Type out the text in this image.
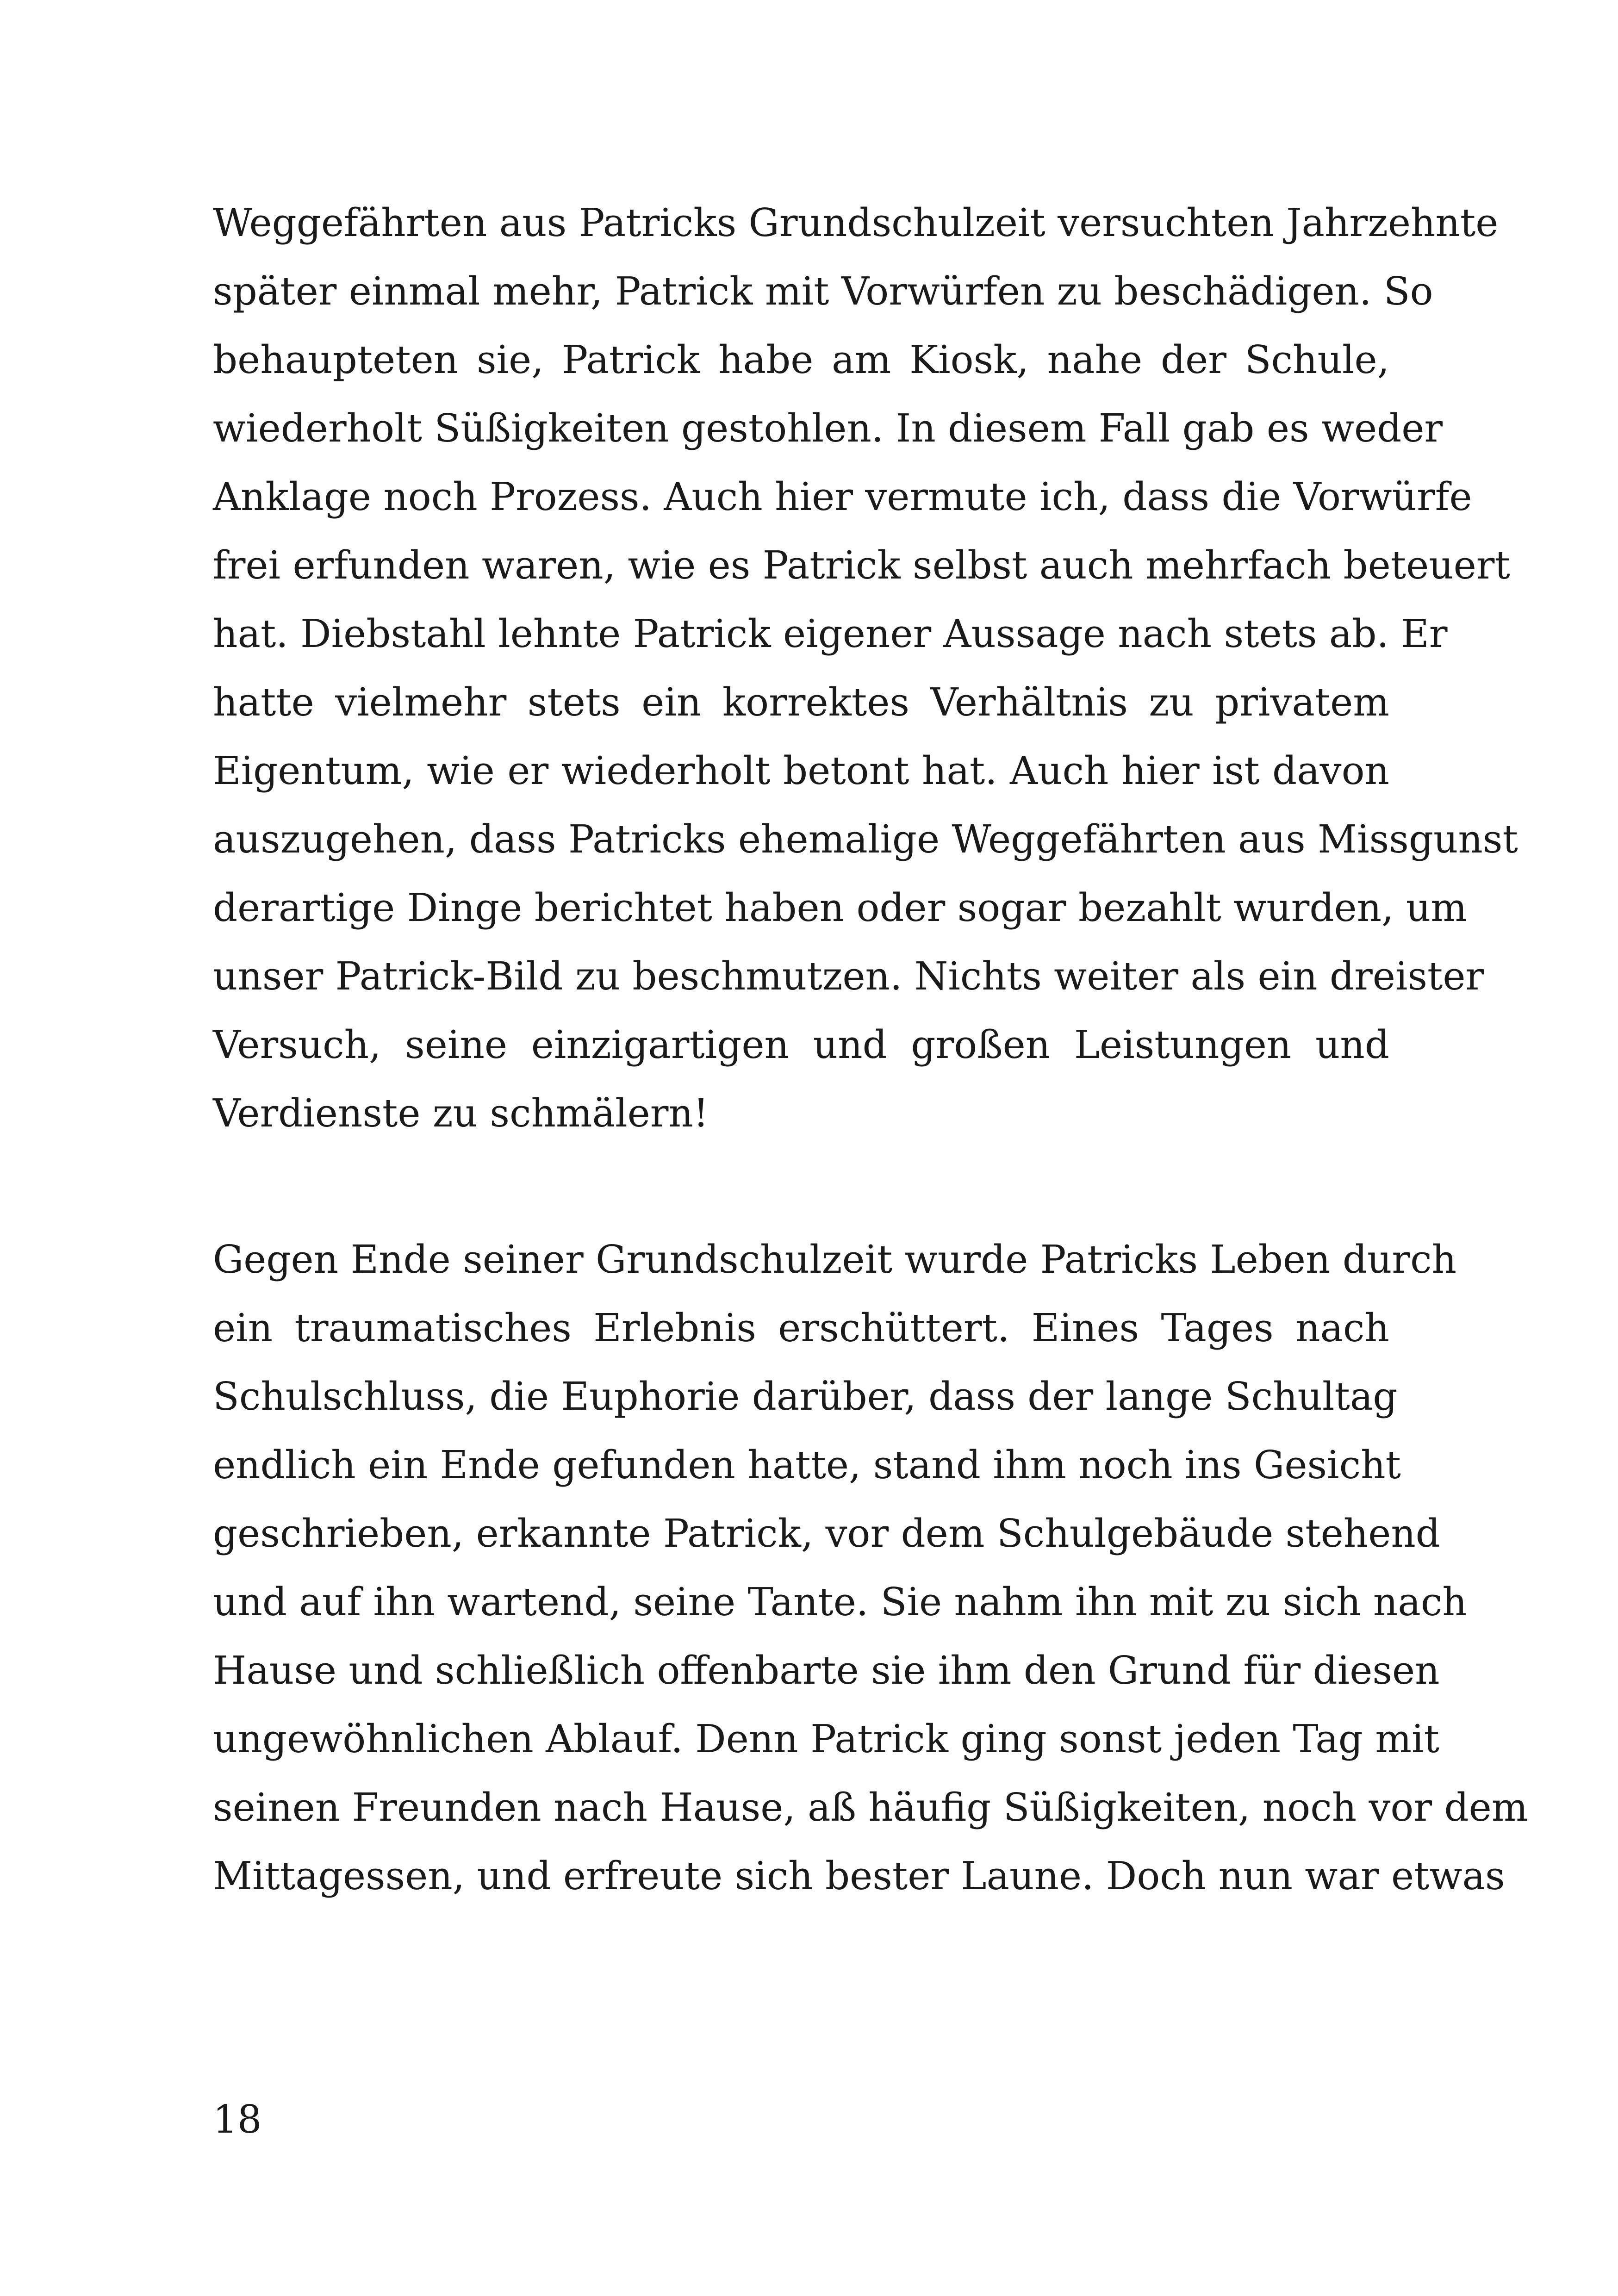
Weggefährten aus Patricks Grundschulzeit versuchten Jahrzehnte
später einmal mehr, Patrick mit Vorwürfen zu beschädigen. So
behaupteten sie, Patrick habe am Kiosk, nahe der Schule,
wiederholt Süßigkeiten gestohlen. In diesem Fall gab es weder
Anklage noch Prozess. Auch hier vermute ich, dass die Vorwürfe
frei erfunden waren, wie es Patrick selbst auch mehrfach beteuert
hat. Diebstahl lehnte Patrick eigener Aussage nach stets ab. Er
hatte vielmehr stets ein korrektes Verhältnis zu privatem
Eigentum, wie er wiederholt betont hat. Auch hier ist davon
auszugehen, dass Patricks ehemalige Weggefährten aus Missgunst
derartige Dinge berichtet haben oder sogar bezahlt wurden, um
unser Patrick-Bild zu beschmutzen. Nichts weiter als ein dreister
Versuch, seine einzigartigen und großen Leistungen und
Verdienste zu schmälern!
Gegen Ende seiner Grundschulzeit wurde Patricks Leben durch
ein traumatisches Erlebnis erschüttert. Eines Tages nach
Schulschluss, die Euphorie darüber, dass der lange Schultag
endlich ein Ende gefunden hatte, stand ihm noch ins Gesicht
geschrieben, erkannte Patrick, vor dem Schulgebäude stehend
und auf ihn wartend, seine Tante. Sie nahm ihn mit zu sich nach
Hause und schließlich offenbarte sie ihm den Grund für diesen
ungewöhnlichen Ablauf. Denn Patrick ging sonst jeden Tag mit
seinen Freunden nach Hause, aß häufig Süßigkeiten, noch vor dem
Mittagessen, und erfreute sich bester Laune. Doch nun war etwas
18
